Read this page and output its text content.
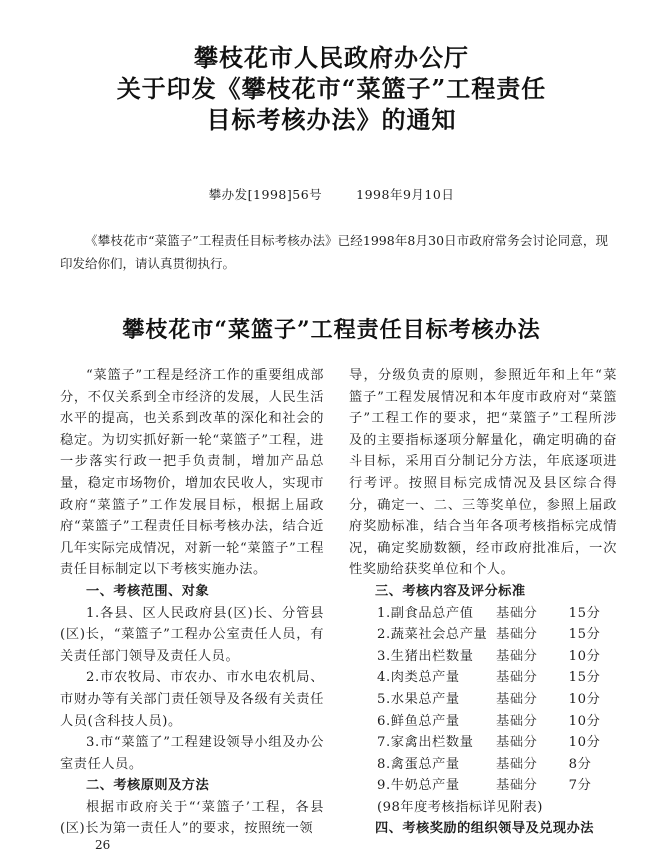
攀枝花市人民政府办公厅
关于印发《攀枝花市“菜篮子”工程责任
目标考核办法》的通知
攀办发[1998]56号	1998年9月10日

《攀枝花市“菜篮子”工程责任目标考核办法》已经1998年8月30日市政府常务会讨论同意，现印发给你们，请认真贯彻执行。

攀枝花市“菜篮子”工程责任目标考核办法

“菜篮子”工程是经济工作的重要组成部分，不仅关系到全市经济的发展，人民生活水平的提高，也关系到改革的深化和社会的稳定。为切实抓好新一轮“菜篮子”工程，进一步落实行政一把手负责制，增加产品总量，稳定市场物价，增加农民收人，实现市政府“菜篮子”工作发展目标，根据上届政府“菜篮子”工程责任目标考核办法，结合近几年实际完成情况，对新一轮“菜篮子”工程责任目标制定以下考核实施办法。

一、考核范围、对象

1.各县、区人民政府县(区)长、分管县(区)长，“菜篮子”工程办公室责任人员，有关责任部门领导及责任人员。

2.市农牧局、市农办、市水电农机局、市财办等有关部门责任领导及各级有关责任人员(含科技人员)。

3.市“菜篮了”工程建设领导小组及办公室责任人员。

二、考核原则及方法

根据市政府关于“‘菜篮子’工程，各县(区)长为第一责任人”的要求，按照统一领

导，分级负责的原则，参照近年和上年“菜篮子”工程发展情况和本年度市政府对“菜篮子”工程工作的要求，把“菜篮子”工程所涉及的主要指标逐项分解量化，确定明确的奋斗目标，采用百分制记分方法，年底逐项进行考评。按照目标完成情况及县区综合得分，确定一、二、三等奖单位，参照上届政府奖励标准，结合当年各项考核指标完成情况，确定奖励数额，经市政府批准后，一次性奖励给获奖单位和个人。

三、考核内容及评分标准

1.副食品总产值	基础分	15分
2.蔬菜社会总产量 基础分	15分
3.生猪出栏数量	基础分	10分
4.肉类总产量	基础分	15分
5.水果总产量	基础分	10分
6.鲜鱼总产量	基础分	10分
7.家禽出栏数量	基础分	10分
8.禽蛋总产量	基础分	8分
9.牛奶总产量	基础分	7分

(98年度考核指标详见附表)

四、考核奖励的组织领导及兑现办法

26
